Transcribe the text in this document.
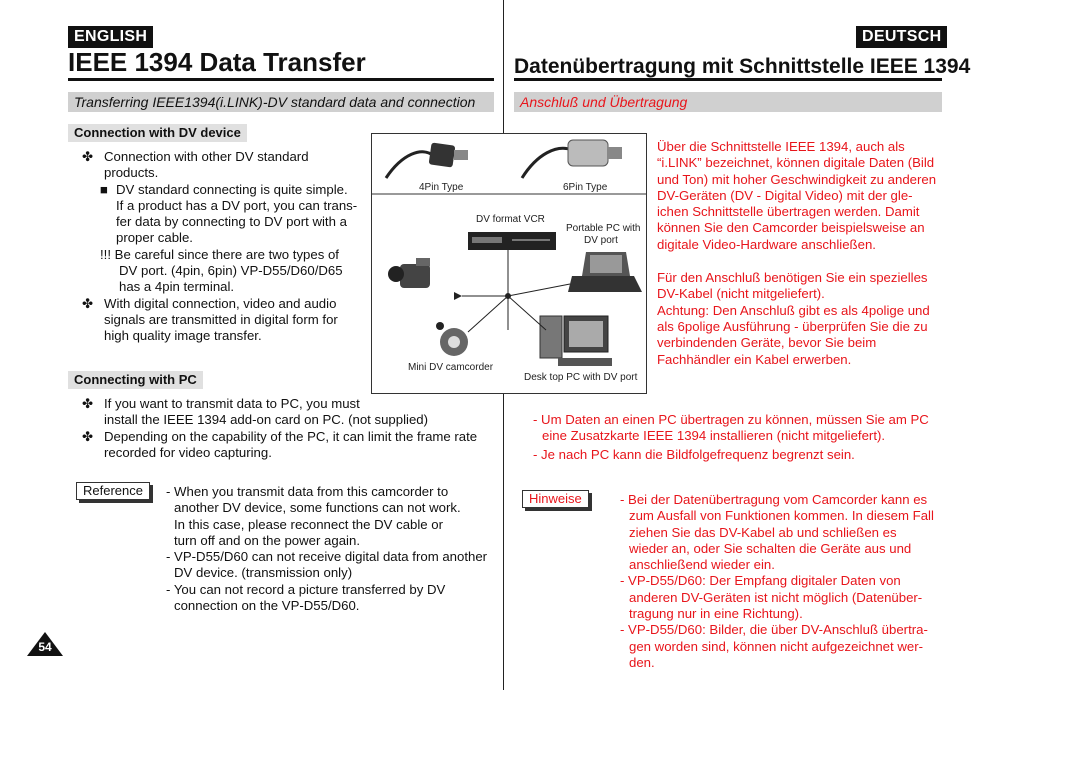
ENGLISH	DEUTSCH
IEEE 1394 Data Transfer	Datenübertragung mit Schnittstelle IEEE 1394
Transferring IEEE1394(i.LINK)-DV standard data and connection	Anschluß und Übertragung
Connection with DV device
✤ Connection with other DV standard
products.
■ DV standard connecting is quite simple.
If a product has a DV port, you can trans-
fer data by connecting to DV port with a
proper cable.
!!! Be careful since there are two types of
DV port. (4pin, 6pin) VP-D55/D60/D65
has a 4pin terminal.
✤ With digital connection, video and audio
signals are transmitted in digital form for
high quality image transfer.
Connecting with PC
✤ If you want to transmit data to PC, you must
install the IEEE 1394 add-on card on PC. (not supplied)
✤ Depending on the capability of the PC, it can limit the frame rate
recorded for video capturing.
Reference	- When you transmit data from this camcorder to
another DV device, some functions can not work.
In this case, please reconnect the DV cable or
turn off and on the power again.
- VP-D55/D60 can not receive digital data from another
DV device. (transmission only)
- You can not record a picture transferred by DV
connection on the VP-D55/D60.
54
4Pin Type	6Pin Type
DV format VCR
Portable PC with
DV port
Mini DV camcorder
Desk top PC with DV port
Über die Schnittstelle IEEE 1394, auch als
“i.LINK” bezeichnet, können digitale Daten (Bild
und Ton) mit hoher Geschwindigkeit zu anderen
DV-Geräten (DV - Digital Video) mit der gle-
ichen Schnittstelle übertragen werden. Damit
können Sie den Camcorder beispielsweise an
digitale Video-Hardware anschließen.
Für den Anschluß benötigen Sie ein spezielles
DV-Kabel (nicht mitgeliefert).
Achtung: Den Anschluß gibt es als 4polige und
als 6polige Ausführung - überprüfen Sie die zu
verbindenden Geräte, bevor Sie beim
Fachhändler ein Kabel erwerben.
- Um Daten an einen PC übertragen zu können, müssen Sie am PC
eine Zusatzkarte IEEE 1394 installieren (nicht mitgeliefert).
- Je nach PC kann die Bildfolgefrequenz begrenzt sein.
Hinweise	- Bei der Datenübertragung vom Camcorder kann es
zum Ausfall von Funktionen kommen. In diesem Fall
ziehen Sie das DV-Kabel ab und schließen es
wieder an, oder Sie schalten die Geräte aus und
anschließend wieder ein.
- VP-D55/D60: Der Empfang digitaler Daten von
anderen DV-Geräten ist nicht möglich (Datenüber-
tragung nur in eine Richtung).
- VP-D55/D60: Bilder, die über DV-Anschluß übertra-
gen worden sind, können nicht aufgezeichnet wer-
den.
